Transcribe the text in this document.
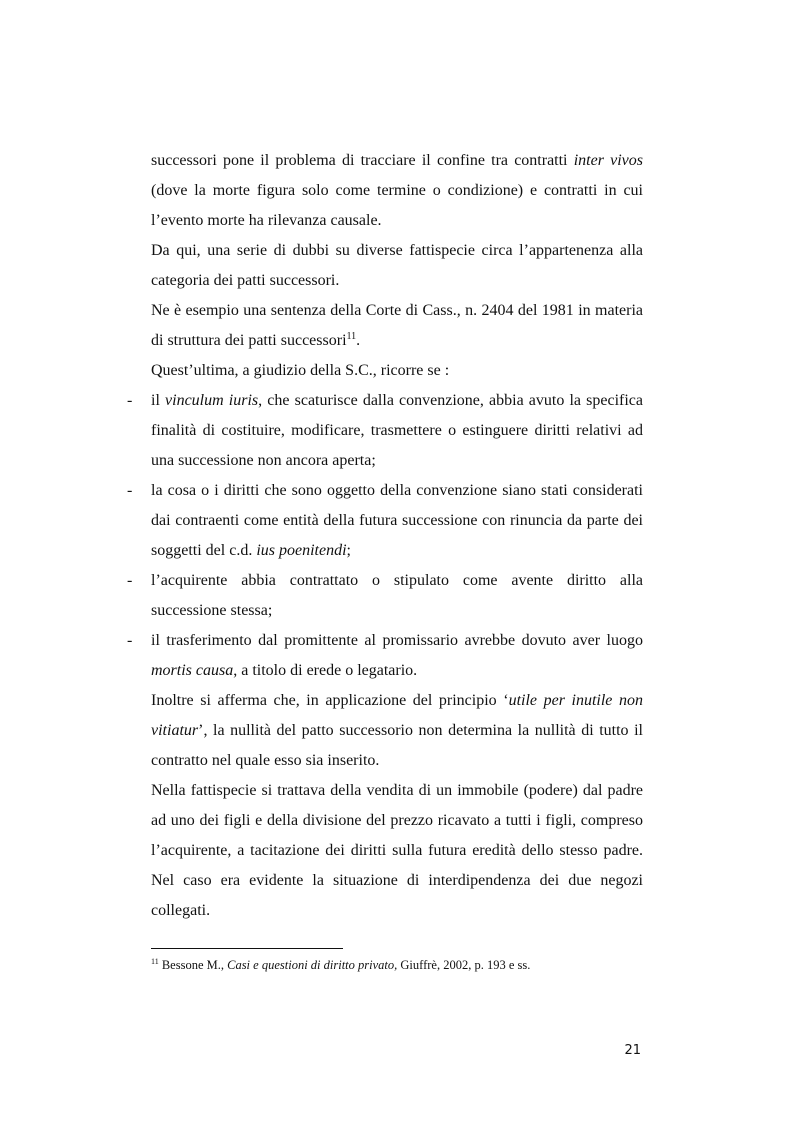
successori pone il problema di tracciare il confine tra contratti inter vivos (dove la morte figura solo come termine o condizione) e contratti in cui l’evento morte ha rilevanza causale.

Da qui, una serie di dubbi su diverse fattispecie circa l’appartenenza alla categoria dei patti successori.

Ne è esempio una sentenza della Corte di Cass., n. 2404 del 1981 in materia di struttura dei patti successori$^{11}$.

Quest’ultima, a giudizio della S.C., ricorre se :

- il vinculum iuris, che scaturisce dalla convenzione, abbia avuto la specifica finalità di costituire, modificare, trasmettere o estinguere diritti relativi ad una successione non ancora aperta;
- la cosa o i diritti che sono oggetto della convenzione siano stati considerati dai contraenti come entità della futura successione con rinuncia da parte dei soggetti del c.d. ius poenitendi;
- l’acquirente abbia contrattato o stipulato come avente diritto alla successione stessa;
- il trasferimento dal promittente al promissario avrebbe dovuto aver luogo mortis causa, a titolo di erede o legatario.

Inoltre si afferma che, in applicazione del principio ‘utile per inutile non vitiatur’, la nullità del patto successorio non determina la nullità di tutto il contratto nel quale esso sia inserito.

Nella fattispecie si trattava della vendita di un immobile (podere) dal padre ad uno dei figli e della divisione del prezzo ricavato a tutti i figli, compreso l’acquirente, a tacitazione dei diritti sulla futura eredità dello stesso padre. Nel caso era evidente la situazione di interdipendenza dei due negozi collegati.

$^{11}$ Bessone M., Casi e questioni di diritto privato, Giuffrè, 2002, p. 193 e ss.
21
